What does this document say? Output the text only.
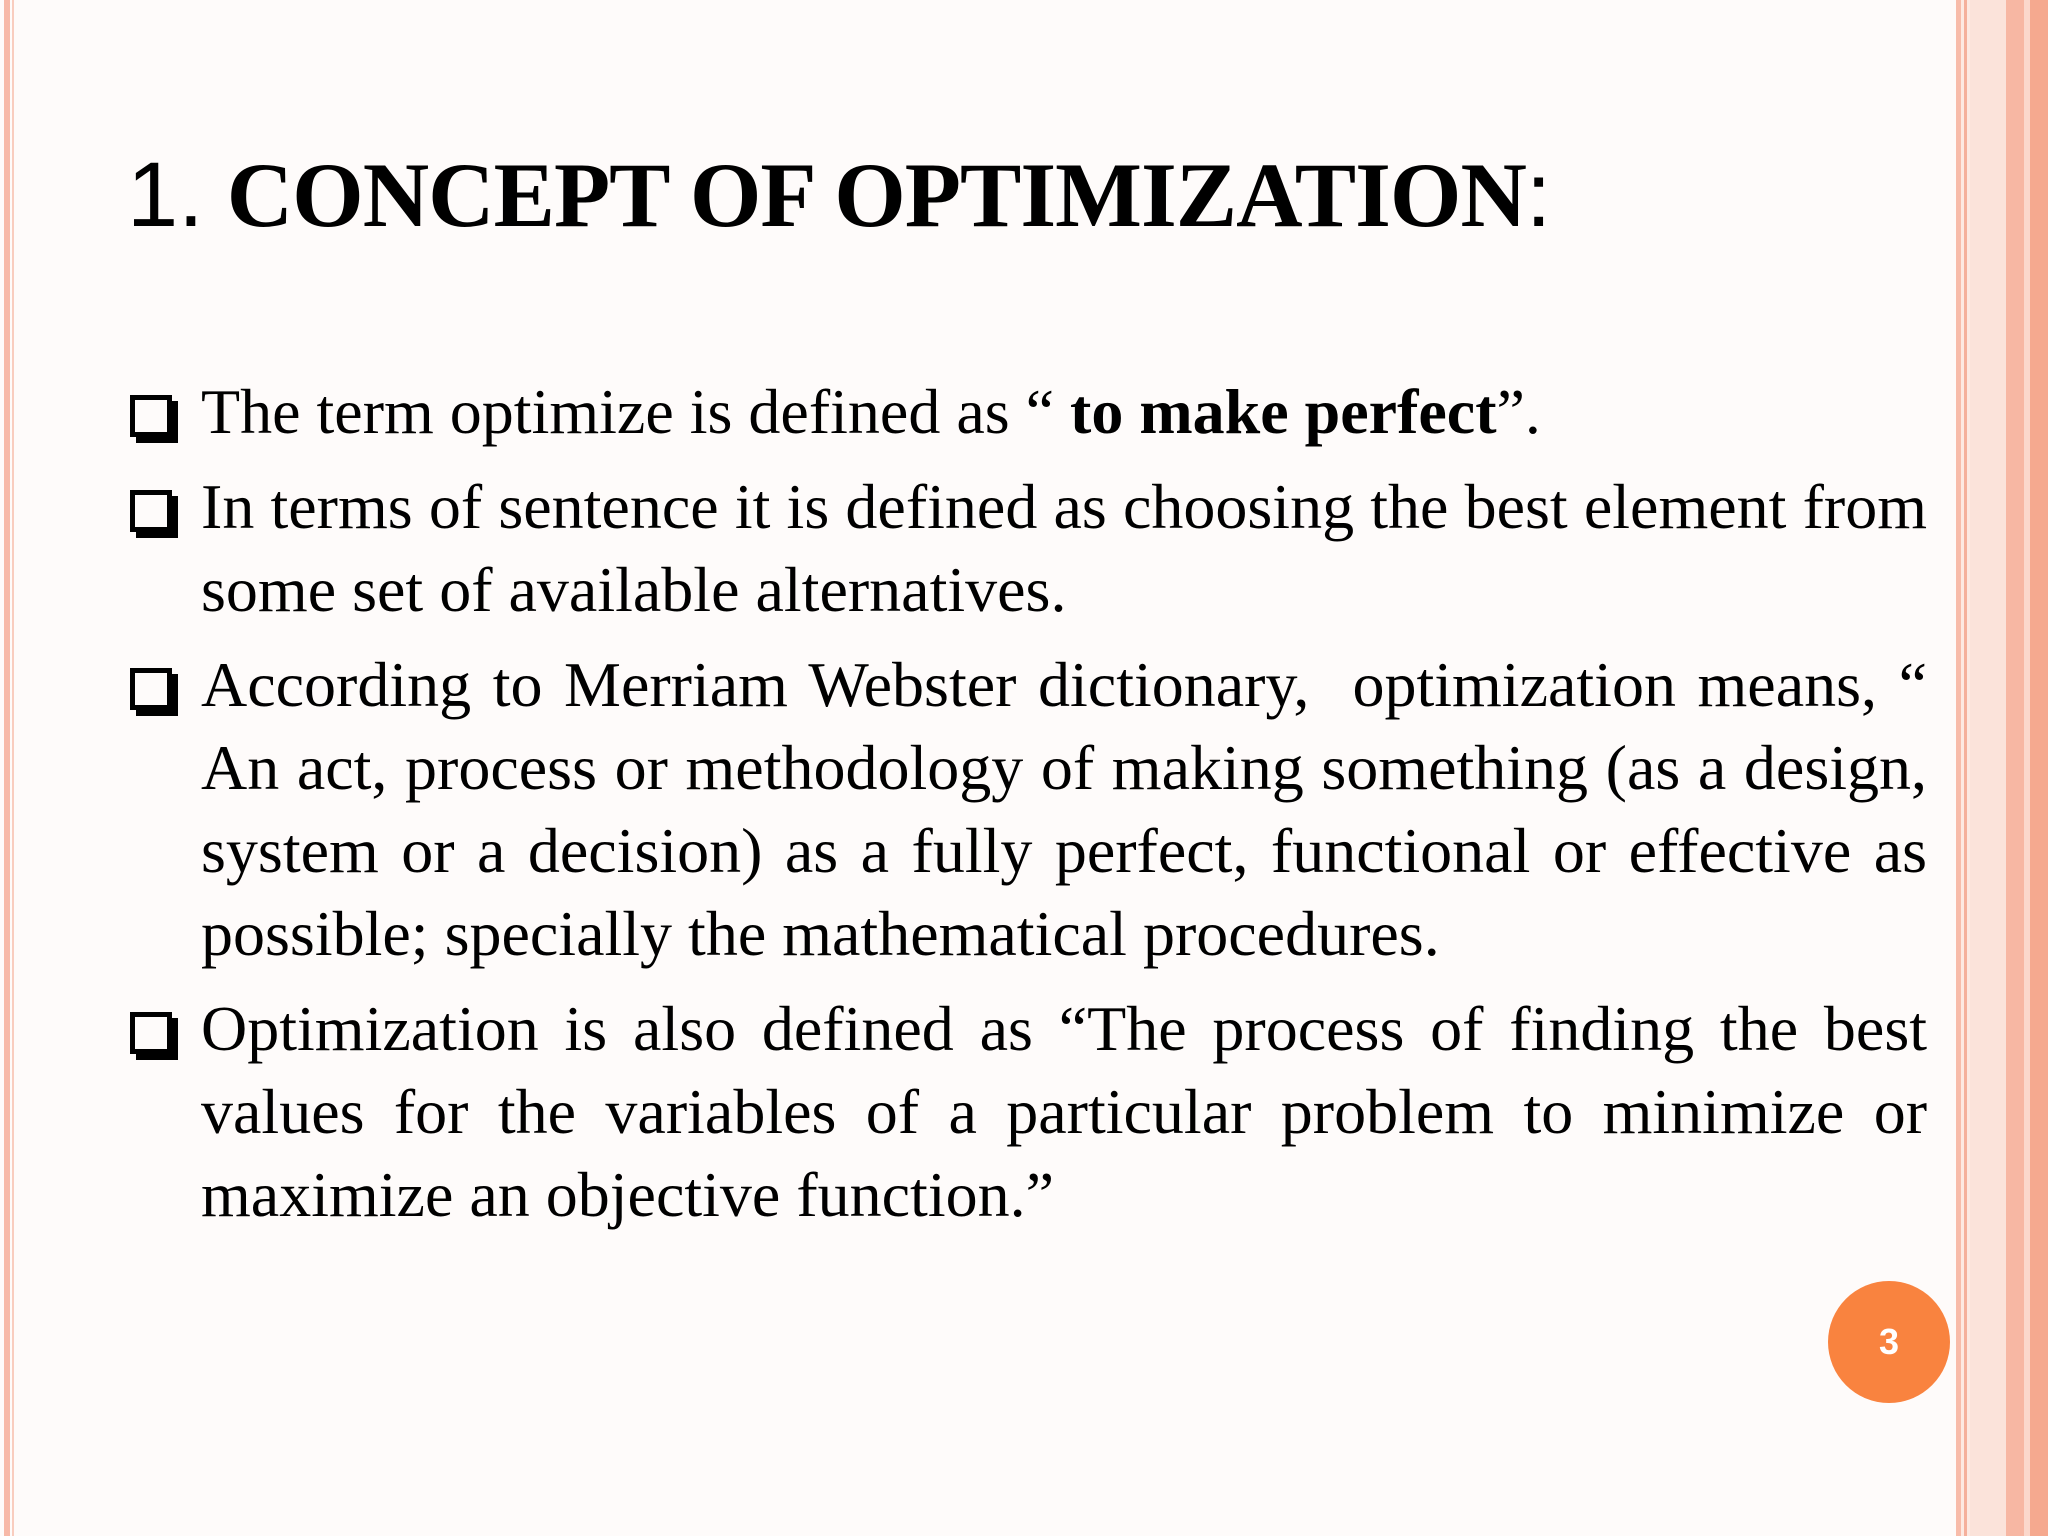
1. CONCEPT OF OPTIMIZATION:
The term optimize is defined as “ to make perfect”.
In terms of sentence it is defined as choosing the best element from some set of available alternatives.
According to Merriam Webster dictionary,  optimization means, “ An act, process or methodology of making something (as a design, system or a decision) as a fully perfect, functional or effective as possible; specially the mathematical procedures.
Optimization is also defined as “The process of finding the best values for the variables of a particular problem to minimize or maximize an objective function.”
3
